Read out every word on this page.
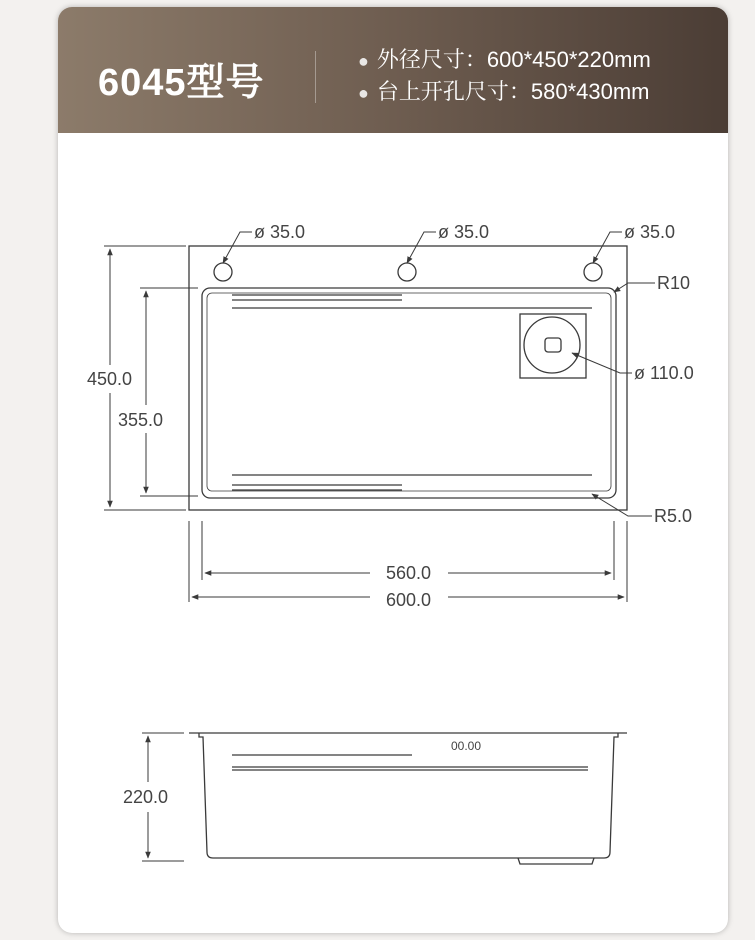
6045型号
● 外径尺寸：600*450*220mm
● 台上开孔尺寸：580*430mm
ø 35.0	ø 35.0	ø 35.0
R10
ø 110.0
R5.0
450.0
355.0
560.0
600.0
220.0
00.00
